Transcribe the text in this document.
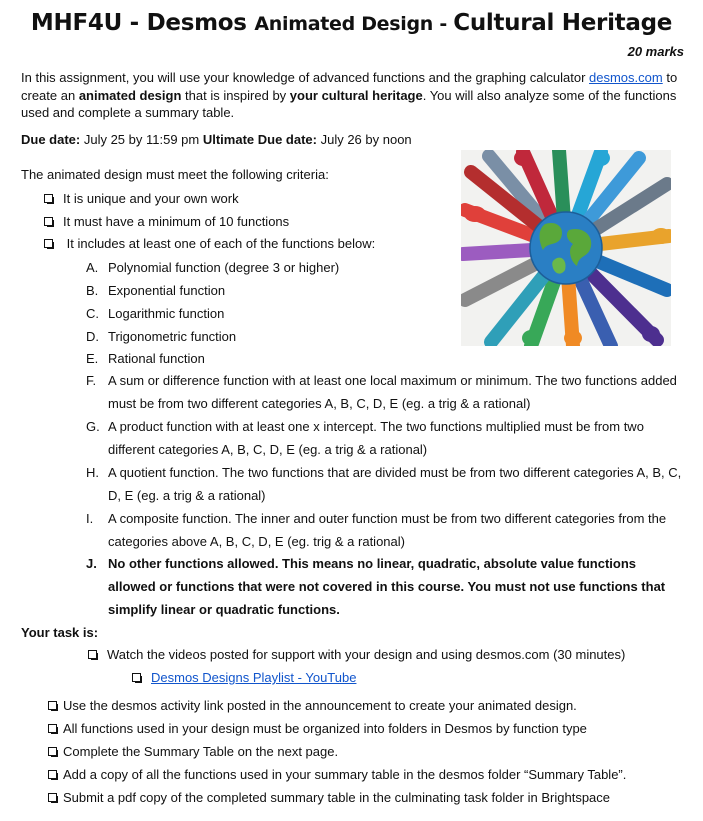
MHF4U - Desmos Animated Design - Cultural Heritage
20 marks
In this assignment, you will use your knowledge of advanced functions and the graphing calculator desmos.com to create an animated design that is inspired by your cultural heritage. You will also analyze some of the functions used and complete a summary table.
Due date: July 25 by 11:59 pm Ultimate Due date: July 26 by noon
The animated design must meet the following criteria:
It is unique and your own work
It must have a minimum of 10 functions
It includes at least one of each of the functions below:
A. Polynomial function (degree 3 or higher)
B. Exponential function
C. Logarithmic function
D. Trigonometric function
E. Rational function
F. A sum or difference function with at least one local maximum or minimum. The two functions added must be from two different categories A, B, C, D, E (eg. a trig & a rational)
G. A product function with at least one x intercept. The two functions multiplied must be from two different categories A, B, C, D, E (eg. a trig & a rational)
H. A quotient function. The two functions that are divided must be from two different categories A, B, C, D, E (eg. a trig & a rational)
I. A composite function. The inner and outer function must be from two different categories from the categories above A, B, C, D, E (eg. trig & a rational)
J. No other functions allowed. This means no linear, quadratic, absolute value functions allowed or functions that were not covered in this course. You must not use functions that simplify linear or quadratic functions.
Your task is:
Watch the videos posted for support with your design and using desmos.com (30 minutes)
Desmos Designs Playlist - YouTube
Use the desmos activity link posted in the announcement to create your animated design.
All functions used in your design must be organized into folders in Desmos by function type
Complete the Summary Table on the next page.
Add a copy of all the functions used in your summary table in the desmos folder “Summary Table”.
Submit a pdf copy of the completed summary table in the culminating task folder in Brightspace
